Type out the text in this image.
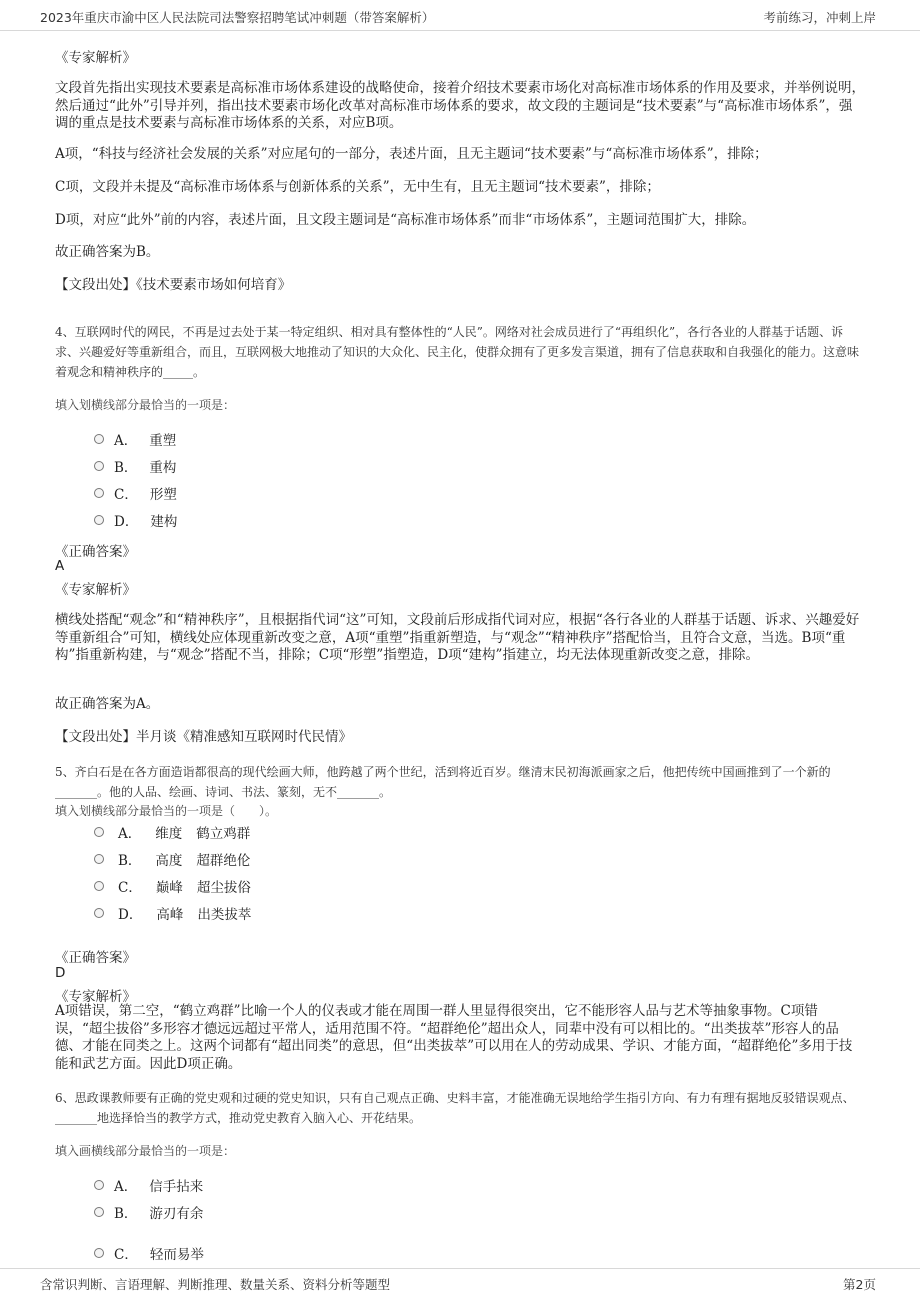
2023年重庆市渝中区人民法院司法警察招聘笔试冲刺题（带答案解析）	考前练习，冲刺上岸
《专家解析》

文段首先指出实现技术要素是高标准市场体系建设的战略使命，接着介绍技术要素市场化对高标准市场体系的作用及要求，并举例说明，然后通过“此外”引导并列，指出技术要素市场化改革对高标准市场体系的要求，故文段的主题词是“技术要素”与“高标准市场体系”，强调的重点是技术要素与高标准市场体系的关系，对应B项。

A项，“科技与经济社会发展的关系”对应尾句的一部分，表述片面，且无主题词“技术要素”与“高标准市场体系”，排除；

C项，文段并未提及“高标准市场体系与创新体系的关系”，无中生有，且无主题词“技术要素”，排除；

D项，对应“此外”前的内容，表述片面，且文段主题词是“高标准市场体系”而非“市场体系”，主题词范围扩大，排除。

故正确答案为B。

【文段出处】《技术要素市场如何培育》

4、互联网时代的网民，不再是过去处于某一特定组织、相对具有整体性的“人民”。网络对社会成员进行了“再组织化”，各行各业的人群基于话题、诉求、兴趣爱好等重新组合，而且，互联网极大地推动了知识的大众化、民主化，使群众拥有了更多发言渠道，拥有了信息获取和自我强化的能力。这意味着观念和精神秩序的_____。

填入划横线部分最恰当的一项是：
A． 重塑
B． 重构
C． 形塑
D． 建构
《正确答案》
A
《专家解析》

横线处搭配“观念”和“精神秩序”，且根据指代词“这”可知，文段前后形成指代词对应，根据“各行各业的人群基于话题、诉求、兴趣爱好等重新组合”可知，横线处应体现重新改变之意，A项“重塑”指重新塑造，与“观念”“精神秩序”搭配恰当，且符合文意，当选。B项“重构”指重新构建，与“观念”搭配不当，排除；C项“形塑”指塑造，D项“建构”指建立，均无法体现重新改变之意，排除。

故正确答案为A。

【文段出处】半月谈《精准感知互联网时代民情》

5、齐白石是在各方面造诣都很高的现代绘画大师，他跨越了两个世纪，活到将近百岁。继清末民初海派画家之后，他把传统中国画推到了一个新的_______。他的人品、绘画、诗词、书法、篆刻，无不_______。

填入划横线部分最恰当的一项是（　　）。
A． 维度 鹤立鸡群
B． 高度 超群绝伦
C． 巅峰 超尘拔俗
D． 高峰 出类拔萃
《正确答案》
D
《专家解析》

A项错误，第二空，“鹤立鸡群”比喻一个人的仪表或才能在周围一群人里显得很突出，它不能形容人品与艺术等抽象事物。C项错误，“超尘拔俗”多形容才德远远超过平常人，适用范围不符。“超群绝伦”超出众人，同辈中没有可以相比的。“出类拔萃”形容人的品德、才能在同类之上。这两个词都有“超出同类”的意思，但“出类拔萃”可以用在人的劳动成果、学识、才能方面，“超群绝伦”多用于技能和武艺方面。因此D项正确。

6、思政课教师要有正确的党史观和过硬的党史知识，只有自己观点正确、史料丰富，才能准确无误地给学生指引方向、有力有理有据地反驳错误观点、_______地选择恰当的教学方式，推动党史教育入脑入心、开花结果。

填入画横线部分最恰当的一项是：
A． 信手拈来
B． 游刃有余
C． 轻而易举
含常识判断、言语理解、判断推理、数量关系、资料分析等题型	第2页
